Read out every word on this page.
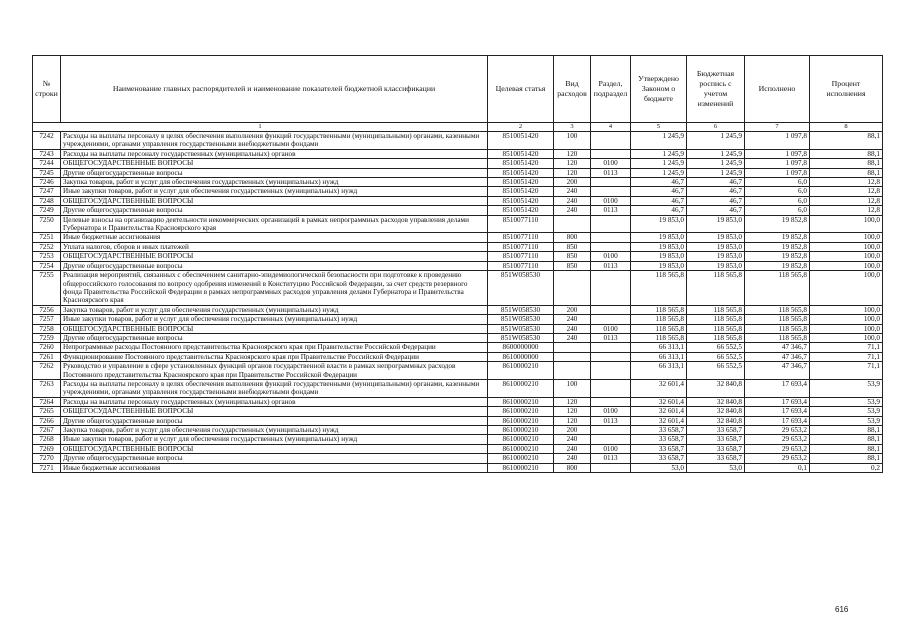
№ строки	Наименование главных распорядителей и наименование показателей бюджетной классификации	Целевая статья	Вид расходов	Раздел, подраздел	Утверждено Законом о бюджете	Бюджетная роспись с учетом изменений	Исполнено	Процент исполнения
1		2	3	4	5	6	7	8
7242	Расходы на выплаты персоналу в целях обеспечения выполнения функций государственными (муниципальными) органами, казенными учреждениями, органами управления государственными внебюджетными фондами	8510051420	100		1 245,9	1 245,9	1 097,8	88,1
7243	Расходы на выплаты персоналу государственных (муниципальных) органов	8510051420	120		1 245,9	1 245,9	1 097,8	88,1
7244	ОБЩЕГОСУДАРСТВЕННЫЕ ВОПРОСЫ	8510051420	120	0100	1 245,9	1 245,9	1 097,8	88,1
7245	Другие общегосударственные вопросы	8510051420	120	0113	1 245,9	1 245,9	1 097,8	88,1
7246	Закупка товаров, работ и услуг для обеспечения государственных (муниципальных) нужд	8510051420	200		46,7	46,7	6,0	12,8
7247	Иные закупки товаров, работ и услуг для обеспечения государственных (муниципальных) нужд	8510051420	240		46,7	46,7	6,0	12,8
7248	ОБЩЕГОСУДАРСТВЕННЫЕ ВОПРОСЫ	8510051420	240	0100	46,7	46,7	6,0	12,8
7249	Другие общегосударственные вопросы	8510051420	240	0113	46,7	46,7	6,0	12,8
7250	Целевые взносы на организацию деятельности некоммерческих организаций в рамках непрограммных расходов управления делами Губернатора и Правительства Красноярского края	8510077110			19 853,0	19 853,0	19 852,8	100,0
7251	Иные бюджетные ассигнования	8510077110	800		19 853,0	19 853,0	19 852,8	100,0
7252	Уплата налогов, сборов и иных платежей	8510077110	850		19 853,0	19 853,0	19 852,8	100,0
7253	ОБЩЕГОСУДАРСТВЕННЫЕ ВОПРОСЫ	8510077110	850	0100	19 853,0	19 853,0	19 852,8	100,0
7254	Другие общегосударственные вопросы	8510077110	850	0113	19 853,0	19 853,0	19 852,8	100,0
7255	Реализация мероприятий, связанных с обеспечением санитарно-эпидемиологической безопасности при подготовке к проведению общероссийского голосования по вопросу одобрения изменений в Конституцию Российской Федерации, за счет средств резервного фонда Правительства Российской Федерации в рамках непрограммных расходов управления делами Губернатора и Правительства Красноярского края	851W058530			118 565,8	118 565,8	118 565,8	100,0
7256	Закупка товаров, работ и услуг для обеспечения государственных (муниципальных) нужд	851W058530	200		118 565,8	118 565,8	118 565,8	100,0
7257	Иные закупки товаров, работ и услуг для обеспечения государственных (муниципальных) нужд	851W058530	240		118 565,8	118 565,8	118 565,8	100,0
7258	ОБЩЕГОСУДАРСТВЕННЫЕ ВОПРОСЫ	851W058530	240	0100	118 565,8	118 565,8	118 565,8	100,0
7259	Другие общегосударственные вопросы	851W058530	240	0113	118 565,8	118 565,8	118 565,8	100,0
7260	Непрограммные расходы Постоянного представительства Красноярского края при Правительстве Российской Федерации	8600000000			66 313,1	66 552,5	47 346,7	71,1
7261	Функционирование Постоянного представительства Красноярского края при Правительстве Российской Федерации	8610000000			66 313,1	66 552,5	47 346,7	71,1
7262	Руководство и управление в сфере установленных функций органов государственной власти в рамках непрограммных расходов Постоянного представительства Красноярского края при Правительстве Российской Федерации	8610000210			66 313,1	66 552,5	47 346,7	71,1
7263	Расходы на выплаты персоналу в целях обеспечения выполнения функций государственными (муниципальными) органами, казенными учреждениями, органами управления государственными внебюджетными фондами	8610000210	100		32 601,4	32 840,8	17 693,4	53,9
7264	Расходы на выплаты персоналу государственных (муниципальных) органов	8610000210	120		32 601,4	32 840,8	17 693,4	53,9
7265	ОБЩЕГОСУДАРСТВЕННЫЕ ВОПРОСЫ	8610000210	120	0100	32 601,4	32 840,8	17 693,4	53,9
7266	Другие общегосударственные вопросы	8610000210	120	0113	32 601,4	32 840,8	17 693,4	53,9
7267	Закупка товаров, работ и услуг для обеспечения государственных (муниципальных) нужд	8610000210	200		33 658,7	33 658,7	29 653,2	88,1
7268	Иные закупки товаров, работ и услуг для обеспечения государственных (муниципальных) нужд	8610000210	240		33 658,7	33 658,7	29 653,2	88,1
7269	ОБЩЕГОСУДАРСТВЕННЫЕ ВОПРОСЫ	8610000210	240	0100	33 658,7	33 658,7	29 653,2	88,1
7270	Другие общегосударственные вопросы	8610000210	240	0113	33 658,7	33 658,7	29 653,2	88,1
7271	Иные бюджетные ассигнования	8610000210	800		53,0	53,0	0,1	0,2
616
